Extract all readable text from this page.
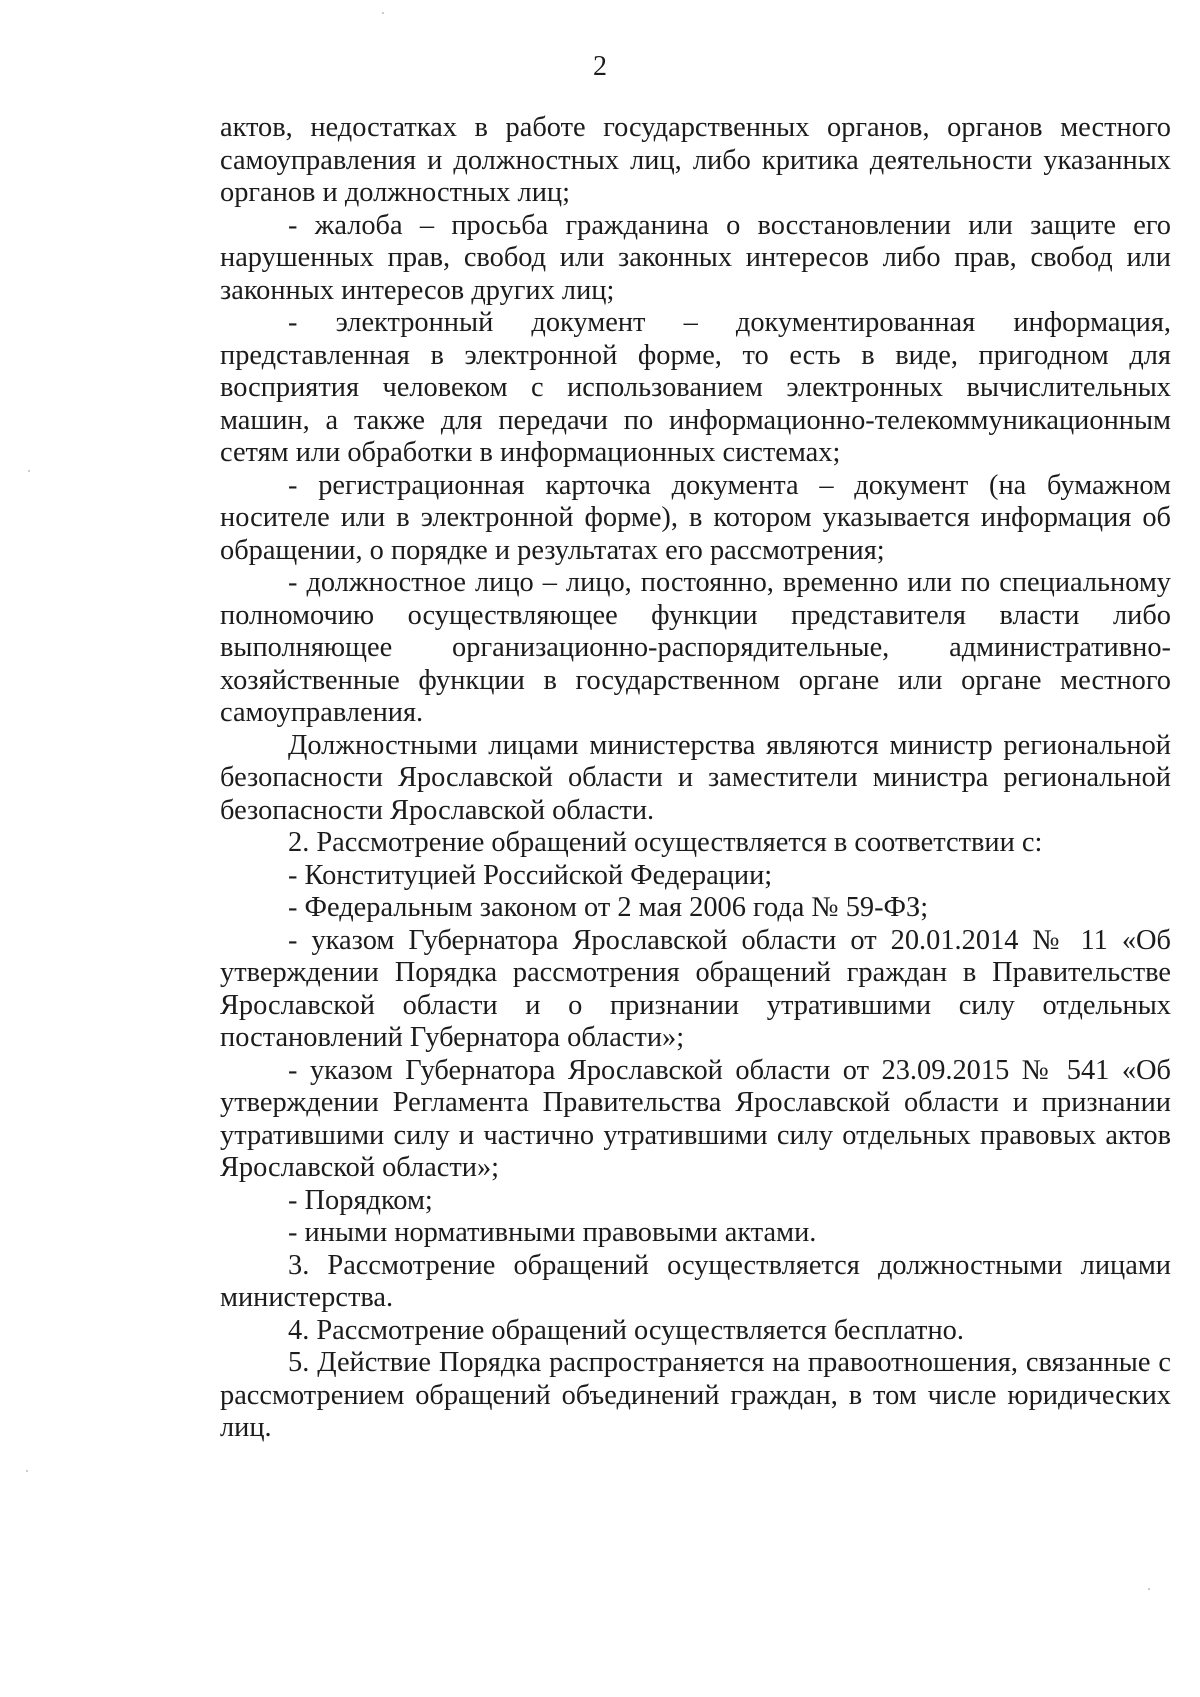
2

актов, недостатках в работе государственных органов, органов местного самоуправления и должностных лиц, либо критика деятельности указанных органов и должностных лиц;

- жалоба – просьба гражданина о восстановлении или защите его нарушенных прав, свобод или законных интересов либо прав, свобод или законных интересов других лиц;

- электронный документ – документированная информация, представленная в электронной форме, то есть в виде, пригодном для восприятия человеком с использованием электронных вычислительных машин, а также для передачи по информационно-телекоммуникационным сетям или обработки в информационных системах;

- регистрационная карточка документа – документ (на бумажном носителе или в электронной форме), в котором указывается информация об обращении, о порядке и результатах его рассмотрения;

- должностное лицо – лицо, постоянно, временно или по специальному полномочию осуществляющее функции представителя власти либо выполняющее организационно-распорядительные, административно-хозяйственные функции в государственном органе или органе местного самоуправления.

Должностными лицами министерства являются министр региональной безопасности Ярославской области и заместители министра региональной безопасности Ярославской области.

2. Рассмотрение обращений осуществляется в соответствии с:

- Конституцией Российской Федерации;

- Федеральным законом от 2 мая 2006 года № 59-ФЗ;

- указом Губернатора Ярославской области от 20.01.2014 № 11 «Об утверждении Порядка рассмотрения обращений граждан в Правительстве Ярославской области и о признании утратившими силу отдельных постановлений Губернатора области»;

- указом Губернатора Ярославской области от 23.09.2015 № 541 «Об утверждении Регламента Правительства Ярославской области и признании утратившими силу и частично утратившими силу отдельных правовых актов Ярославской области»;

- Порядком;

- иными нормативными правовыми актами.

3. Рассмотрение обращений осуществляется должностными лицами министерства.

4. Рассмотрение обращений осуществляется бесплатно.

5. Действие Порядка распространяется на правоотношения, связанные с рассмотрением обращений объединений граждан, в том числе юридических лиц.
